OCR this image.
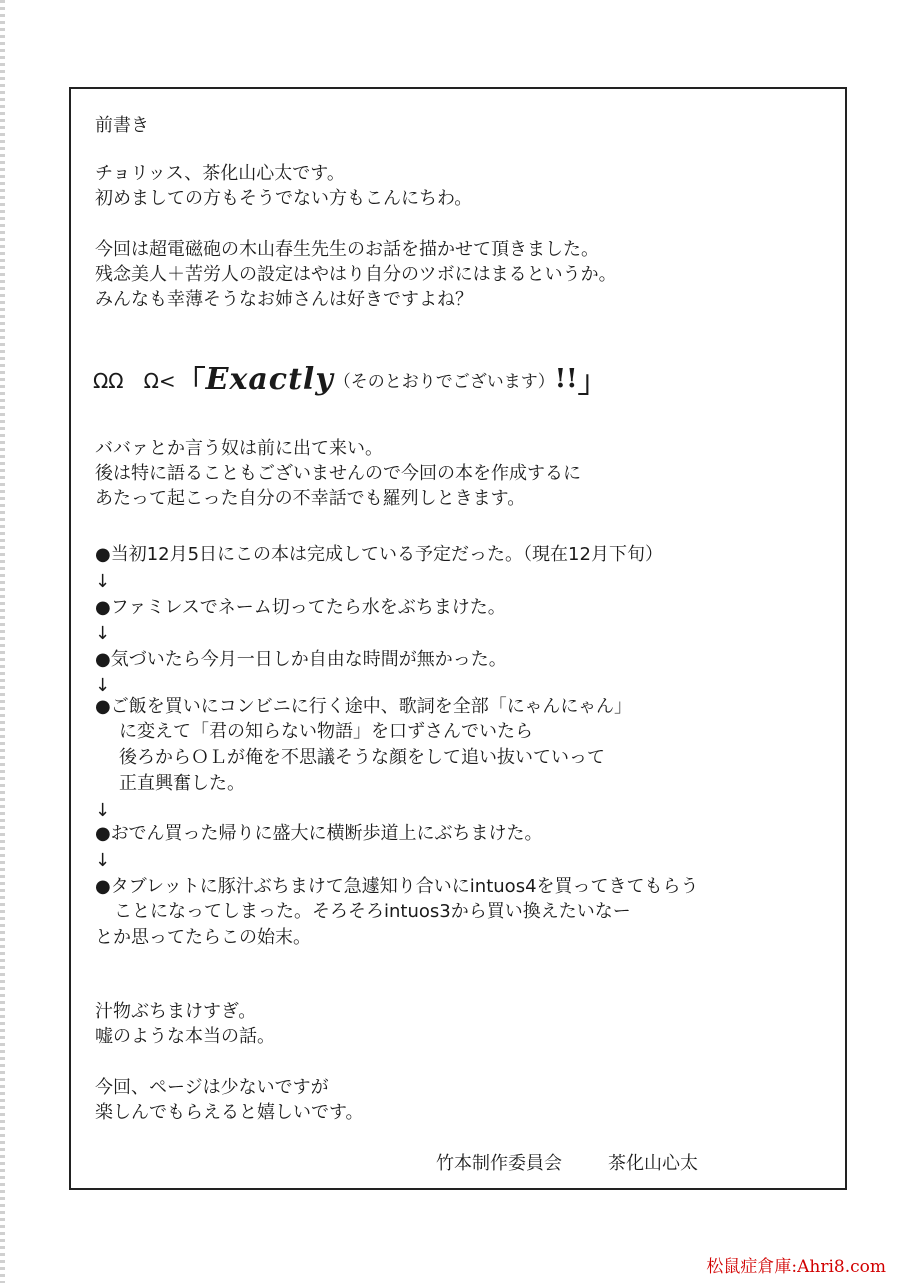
前書き
チョリッス、茶化山心太です。
初めましての方もそうでない方もこんにちわ。
今回は超電磁砲の木山春生先生のお話を描かせて頂きました。
残念美人＋苦労人の設定はやはり自分のツボにはまるというか。
みんなも幸薄そうなお姉さんは好きですよね？
ΩΩ　Ω< 「 Exactly （そのとおりでございます） !! 」
ババァとか言う奴は前に出て来い。
後は特に語ることもございませんので今回の本を作成するに
あたって起こった自分の不幸話でも羅列しときます。
●当初12月5日にこの本は完成している予定だった。（現在12月下旬）
↓
●ファミレスでネーム切ってたら水をぶちまけた。
↓
●気づいたら今月一日しか自由な時間が無かった。
↓
●ご飯を買いにコンビニに行く途中、歌詞を全部「にゃんにゃん」
に変えて「君の知らない物語」を口ずさんでいたら
後ろからＯＬが俺を不思議そうな顔をして追い抜いていって
正直興奮した。
↓
●おでん買った帰りに盛大に横断歩道上にぶちまけた。
↓
●タブレットに豚汁ぶちまけて急遽知り合いにintuos4を買ってきてもらう
ことになってしまった。そろそろintuos3から買い換えたいなー
とか思ってたらこの始末。
汁物ぶちまけすぎ。
嘘のような本当の話。
今回、ページは少ないですが
楽しんでもらえると嬉しいです。
竹本制作委員会	茶化山心太
松鼠症倉庫:Ahri8.com
